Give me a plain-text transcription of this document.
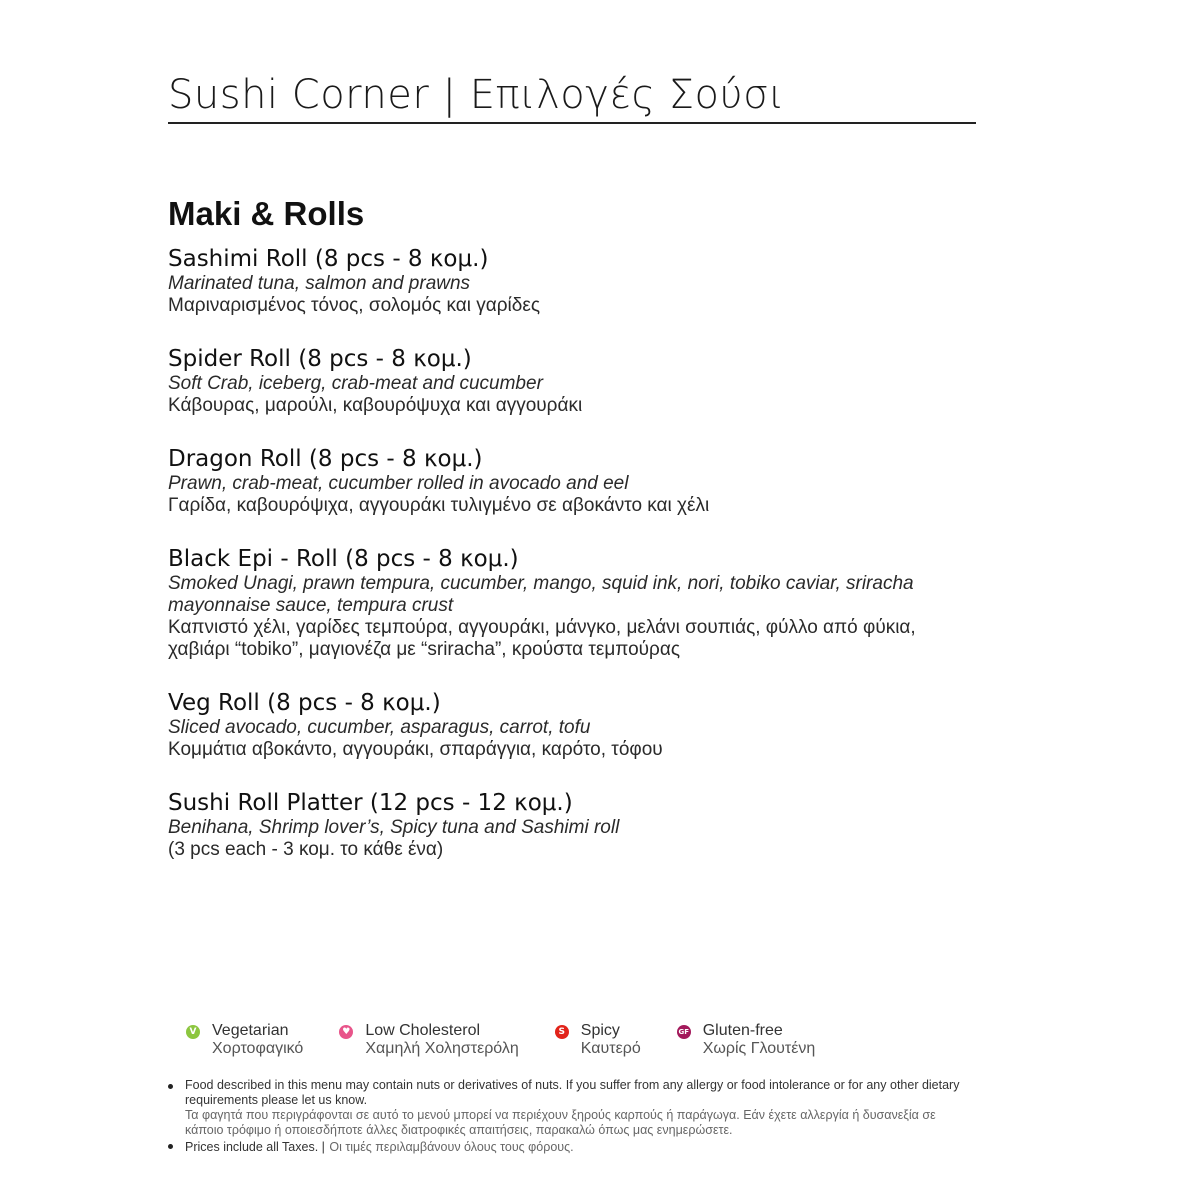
Sushi Corner | Επιλογές Σούσι
Maki & Rolls
Sashimi Roll (8 pcs - 8 κομ.)
Marinated tuna, salmon and prawns
Μαριναρισμένος τόνος, σολομός και γαρίδες
Spider Roll (8 pcs - 8 κομ.)
Soft Crab, iceberg, crab-meat and cucumber
Κάβουρας, μαρούλι, καβουρόψυχα και αγγουράκι
Dragon Roll (8 pcs - 8 κομ.)
Prawn, crab-meat, cucumber rolled in avocado and eel
Γαρίδα, καβουρόψιχα, αγγουράκι τυλιγμένο σε αβοκάντο και χέλι
Black Epi - Roll (8 pcs - 8 κομ.)
Smoked Unagi, prawn tempura, cucumber, mango, squid ink, nori, tobiko caviar, sriracha mayonnaise sauce, tempura crust
Καπνιστό χέλι, γαρίδες τεμπούρα, αγγουράκι, μάνγκο, μελάνι σουπιάς, φύλλο από φύκια, χαβιάρι “tobiko”, μαγιονέζα με “sriracha”, κρούστα τεμπούρας
Veg Roll (8 pcs - 8 κομ.)
Sliced avocado, cucumber, asparagus, carrot, tofu
Κομμάτια αβοκάντο, αγγουράκι, σπαράγγια, καρότο, τόφου
Sushi Roll Platter (12 pcs - 12 κομ.)
Benihana, Shrimp lover’s, Spicy tuna and Sashimi roll
(3 pcs each - 3 κομ. το κάθε ένα)
V Vegetarian
Χορτοφαγικό
♥ Low Cholesterol
Χαμηλή Χοληστερόλη
S Spicy
Καυτερό
GF Gluten-free
Χωρίς Γλουτένη
Food described in this menu may contain nuts or derivatives of nuts. If you suffer from any allergy or food intolerance or for any other dietary requirements please let us know.
Τα φαγητά που περιγράφονται σε αυτό το μενού μπορεί να περιέχουν ξηρούς καρπούς ή παράγωγα. Εάν έχετε αλλεργία ή δυσανεξία σε κάποιο τρόφιμο ή οποιεσδήποτε άλλες διατροφικές απαιτήσεις, παρακαλώ όπως μας ενημερώσετε.
Prices include all Taxes. | Οι τιμές περιλαμβάνουν όλους τους φόρους.
